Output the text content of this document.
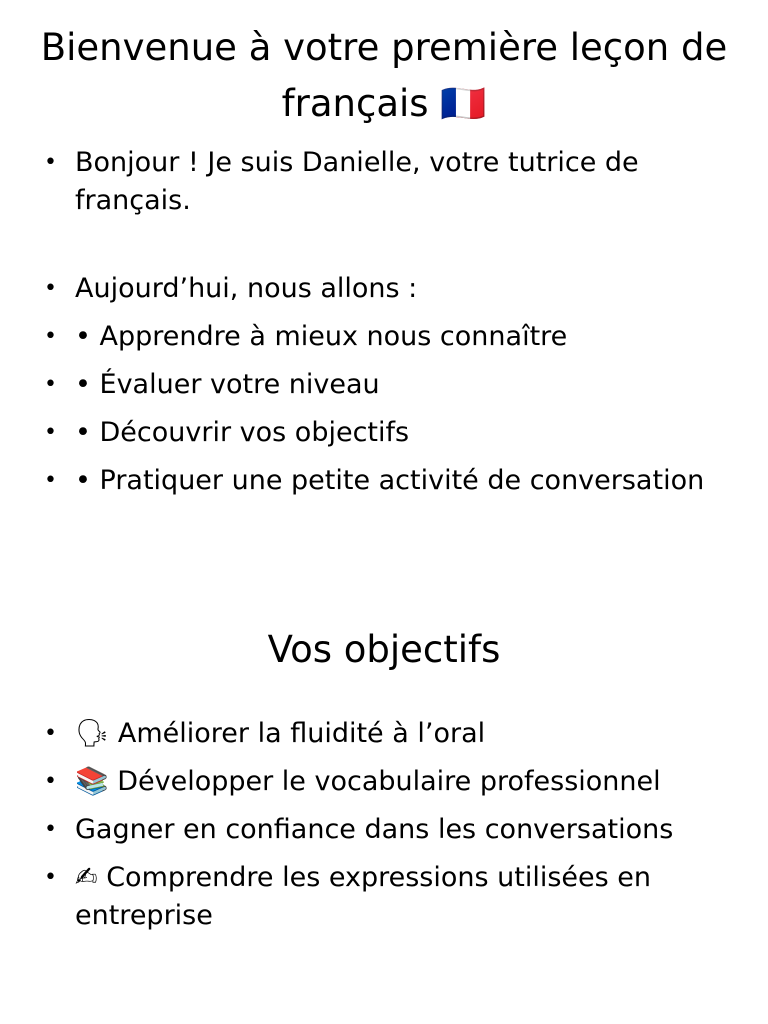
Bienvenue à votre première leçon de français 🇫🇷
• Bonjour ! Je suis Danielle, votre tutrice de français.
• Aujourd’hui, nous allons :
• • Apprendre à mieux nous connaître
• • Évaluer votre niveau
• • Découvrir vos objectifs
• • Pratiquer une petite activité de conversation
Vos objectifs
• 🗣 Améliorer la fluidité à l’oral
• 📚 Développer le vocabulaire professionnel
• Gagner en confiance dans les conversations
• ✍ Comprendre les expressions utilisées en entreprise
